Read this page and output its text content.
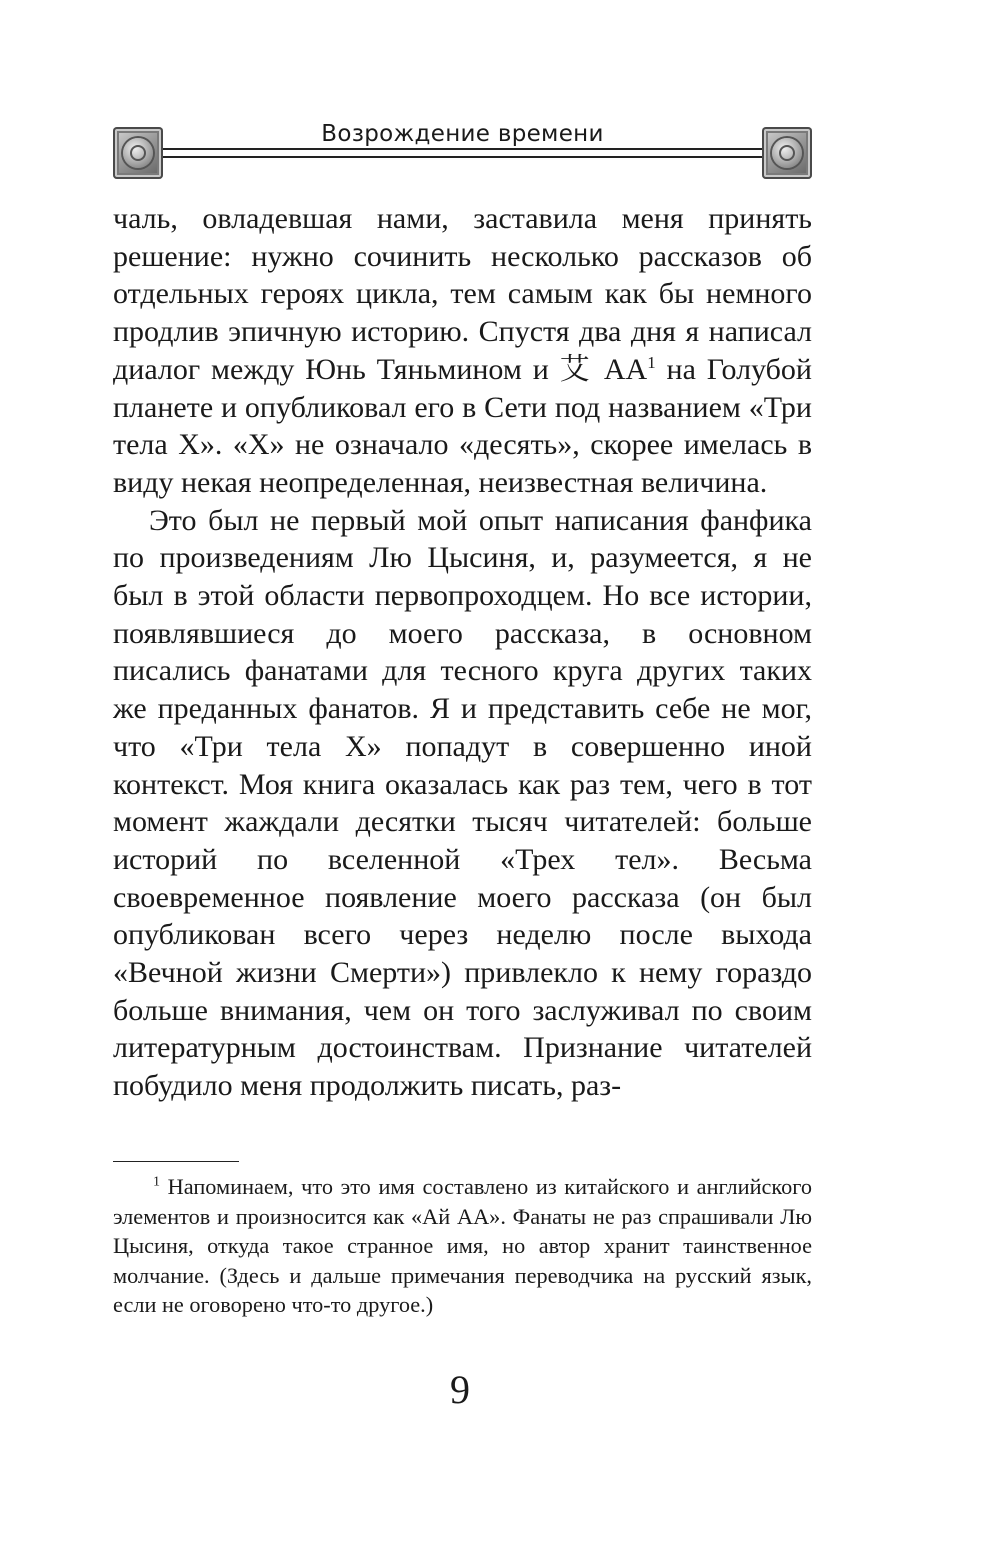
Возрождение времени

чаль, овладевшая нами, заставила меня принять решение: нужно сочинить несколько рассказов об отдельных героях цикла, тем самым как бы немного продлив эпичную историю. Спустя два дня я написал диалог между Юнь Тяньмином и 艾 $АА^1$ на Голубой планете и опубликовал его в Сети под названием «Три тела X». «X» не означало «десять», скорее имелась в виду некая неопределенная, неизвестная величина.

Это был не первый мой опыт написания фанфика по произведениям Лю Цысиня, и, разумеется, я не был в этой области первопроходцем. Но все истории, появлявшиеся до моего рассказа, в основном писались фанатами для тесного круга других таких же преданных фанатов. Я и представить себе не мог, что «Три тела X» попадут в совершенно иной контекст. Моя книга оказалась как раз тем, чего в тот момент жаждали десятки тысяч читателей: больше историй по вселенной «Трех тел». Весьма своевременное появление моего рассказа (он был опубликован всего через неделю после выхода «Вечной жизни Смерти») привлекло к нему гораздо больше внимания, чем он того заслуживал по своим литературным достоинствам. Признание читателей побудило меня продолжить писать, раз-

$^1$ Напоминаем, что это имя составлено из китайского и английского элементов и произносится как «Ай АА». Фанаты не раз спрашивали Лю Цысиня, откуда такое странное имя, но автор хранит таинственное молчание. (Здесь и дальше примечания переводчика на русский язык, если не оговорено что-то другое.)

9
